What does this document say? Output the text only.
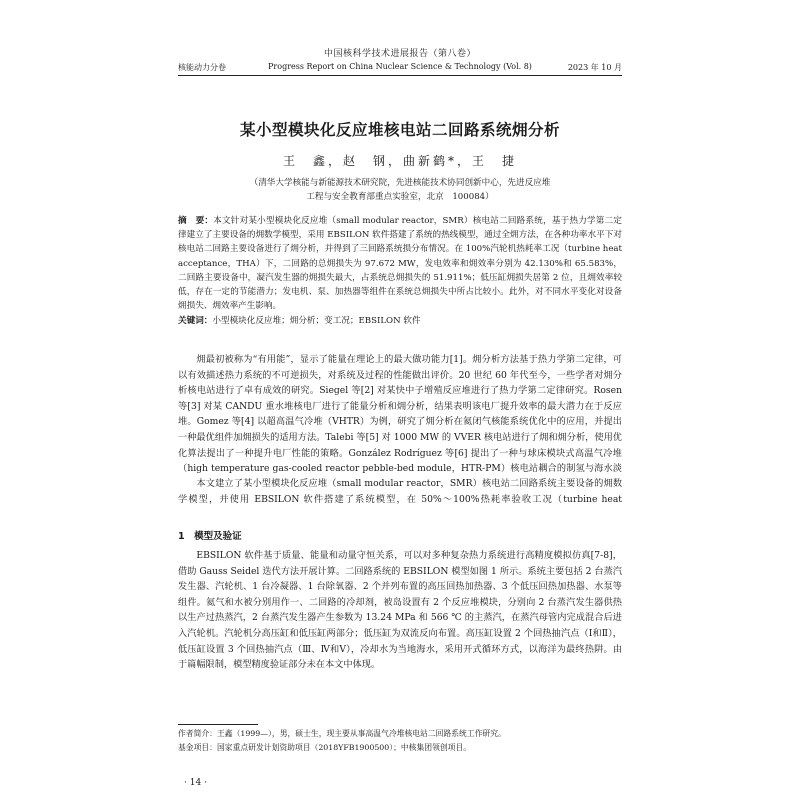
中国核科学技术进展报告（第八卷）
核能动力分卷	Progress Report on China Nuclear Science & Technology (Vol. 8)	2023 年 10 月
某小型模块化反应堆核电站二回路系统㶲分析
王　鑫，赵　钢，曲新鹤*，王　捷
（清华大学核能与新能源技术研究院，先进核能技术协同创新中心，先进反应堆
工程与安全教育部重点实验室，北京　100084）
摘　要：本文针对某小型模块化反应堆（small modular reactor，SMR）核电站二回路系统，基于热力学第二定律建立了主要设备的㶲数学模型，采用 EBSILON 软件搭建了系统的热线模型，通过全㶲方法，在各种功率水平下对核电站二回路主要设备进行了㶲分析，并得到了三回路系统损分布情况。在 100%汽轮机热耗率工况（turbine heat acceptance，THA）下，二回路的总㶲损失为 97.672 MW，发电效率和㶲效率分别为 42.130%和 65.583%，二回路主要设备中，凝汽发生器的㶲损失最大，占系统总㶲损失的 51.911%；低压缸㶲损失居第 2 位，且㶲效率较低，存在一定的节能潜力；发电机、泵、加热器等组件在系统总㶲损失中所占比较小。此外，对不同水平变化对设备㶲损失、㶲效率产生影响。
关键词：小型模块化反应堆；㶲分析；变工况；EBSILON 软件

㶲最初被称为“有用能”，显示了能量在理论上的最大做功能力[1]。㶲分析方法基于热力学第二定律，可以有效描述热力系统的不可逆损失，对系统及过程的性能做出评价。20 世纪 60 年代至今，一些学者对㶲分析核电站进行了卓有成效的研究。Siegel 等[2] 对某快中子增殖反应堆进行了热力学第二定律研究。Rosen 等[3] 对某 CANDU 重水堆核电厂进行了能量分析和㶲分析，结果表明该电厂提升效率的最大潜力在于反应堆。Gomez 等[4] 以超高温气冷堆（VHTR）为例，研究了㶲分析在氦闭气核能系统优化中的应用，并提出一种最优组件加㶲损失的适用方法。Talebi 等[5] 对 1000 MW 的 VVER 核电站进行了㶲和㶲分析，使用优化算法提出了一种提升电厂性能的策略。González Rodríguez 等[6] 提出了一种与球床模块式高温气冷堆（high temperature gas-cooled reactor pebble-bed module，HTR-PM）核电站耦合的制氢与海水淡

本文建立了某小型模块化反应堆（small modular reactor，SMR）核电站二回路系统主要设备的㶲数学模型，并使用 EBSILON 软件搭建了系统模型，在 50%～100%热耗率验收工况（turbine heat

1　模型及验证

EBSILON 软件基于质量、能量和动量守恒关系，可以对多种复杂热力系统进行高精度模拟仿真[7-8]，借助 Gauss Seidel 迭代方法开展计算。二回路系统的 EBSILON 模型如图 1 所示。系统主要包括 2 台蒸汽发生器、汽轮机、1 台冷凝器、1 台除氧器、2 个并列布置的高压回热加热器、3 个低压回热加热器、水泵等组件。氦气和水被分别用作一、二回路的冷却剂，被岛设置有 2 个反应堆模块，分别向 2 台蒸汽发生器供热以生产过热蒸汽，2 台蒸汽发生器产生参数为 13.24 MPa 和 566 ℃ 的主蒸汽，在蒸汽母管内完成混合后进入汽轮机。汽轮机分高压缸和低压缸两部分；低压缸为双流反向布置。高压缸设置 2 个回热抽汽点（Ⅰ和Ⅱ），低压缸设置 3 个回热抽汽点（Ⅲ、Ⅳ和Ⅴ），冷却水为当地海水，采用开式循环方式，以海洋为最终热阱。由于篇幅限制，模型精度验证部分未在本文中体现。

作者简介：王鑫（1999—），男，硕士生，现主要从事高温气冷堆核电站二回路系统工作研究。
基金项目：国家重点研发计划资助项目（2018YFB1900500）；中核集团领创项目。
· 14 ·
